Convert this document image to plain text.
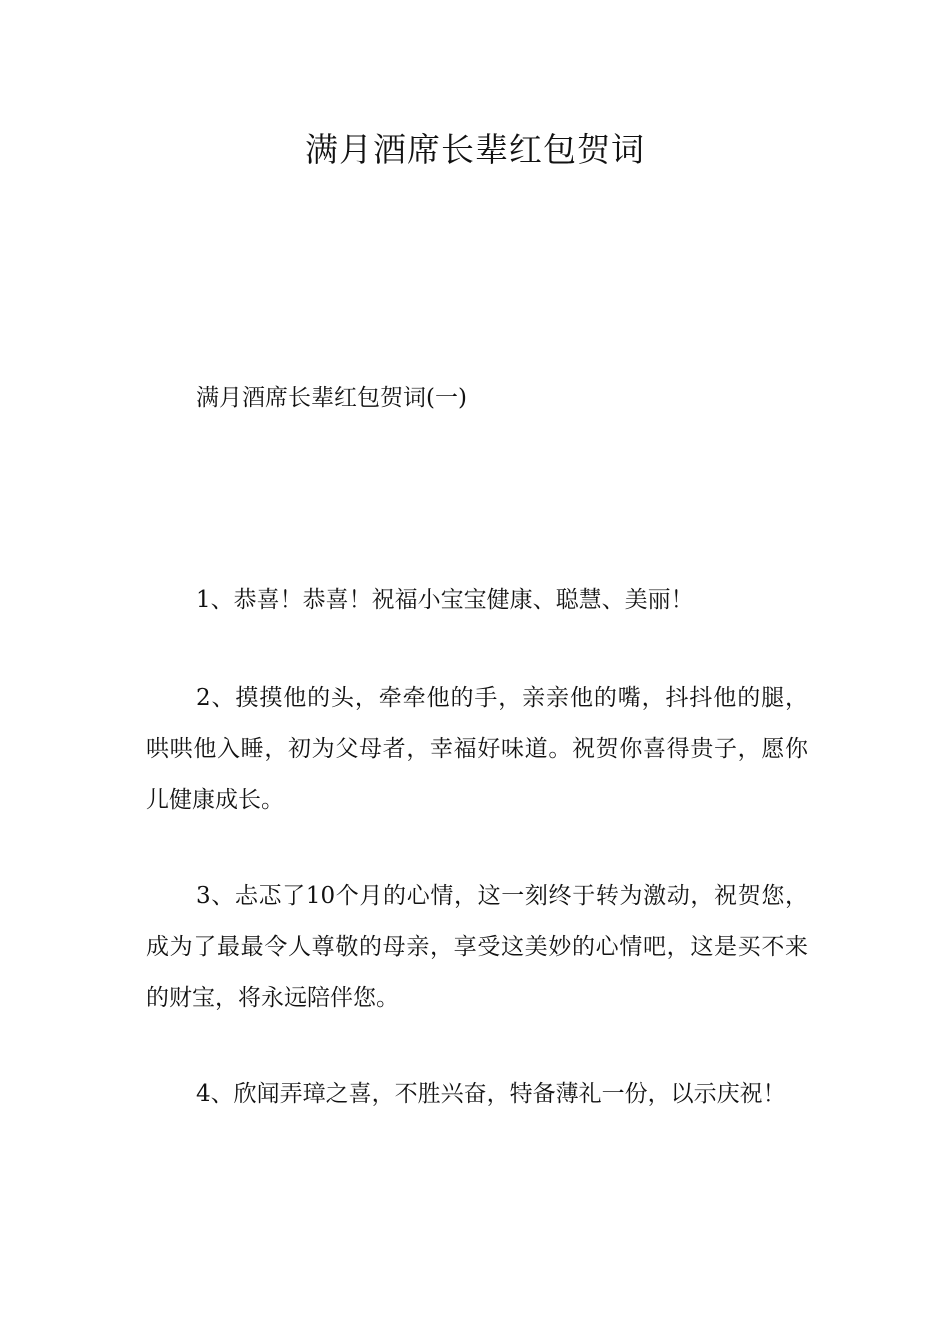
满月酒席长辈红包贺词
满月酒席长辈红包贺词(一)
1、恭喜！恭喜！祝福小宝宝健康、聪慧、美丽！
2、摸摸他的头，牵牵他的手，亲亲他的嘴，抖抖他的腿，哄哄他入睡，初为父母者，幸福好味道。祝贺你喜得贵子，愿你儿健康成长。
3、忐忑了10个月的心情，这一刻终于转为激动，祝贺您，成为了最最令人尊敬的母亲，享受这美妙的心情吧，这是买不来的财宝，将永远陪伴您。
4、欣闻弄璋之喜，不胜兴奋，特备薄礼一份，以示庆祝！
